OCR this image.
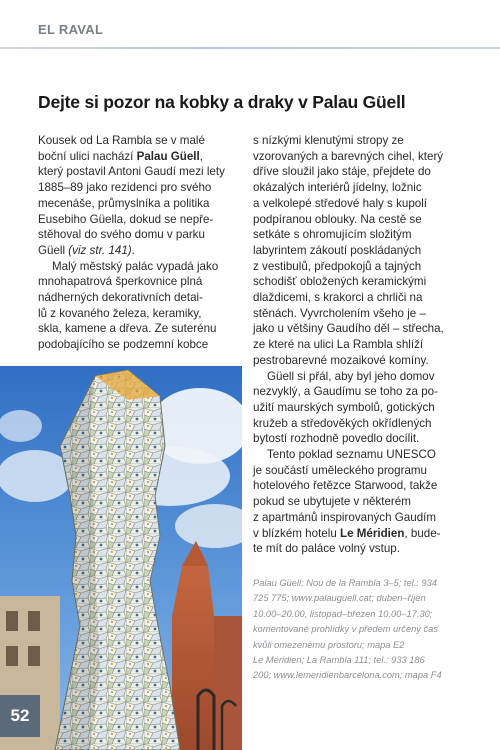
EL RAVAL
Dejte si pozor na kobky a draky v Palau Güell

Kousek od La Rambla se v malé

boční ulici nachází Palau Güell,

který postavil Antoni Gaudí mezi lety

1885–89 jako rezidenci pro svého

mecenáše, průmyslníka a politika

Eusebiho Güella, dokud se nepře-

stěhoval do svého domu v parku

Güell (viz str. 141).

Malý městský palác vypadá jako

mnohapatrová šperkovnice plná

nádherných dekorativních detai-

lů z kovaného železa, keramiky,

skla, kamene a dřeva. Ze suterénu

podobajícího se podzemní kobce

s nízkými klenutými stropy ze

vzorovaných a barevných cihel, který

dříve sloužil jako stáje, přejdete do

okázalých interiérů jídelny, ložnic

a velkolepé středové haly s kupolí

podpíranou oblouky. Na cestě se

setkáte s ohromujícím složitým

labyrintem zákoutí poskládaných

z vestibulů, předpokojů a tajných

schodišť obložených keramickými

dlaždicemi, s krakorci a chrliči na

stěnách. Vyvrcholením všeho je –

jako u většiny Gaudího děl – střecha,

ze které na ulici La Rambla shlíží

pestrobarevné mozaikové komíny.

Güell si přál, aby byl jeho domov

nezvyklý, a Gaudímu se toho za po-

užití maurských symbolů, gotických

kružeb a středověkých okřídlených

bytostí rozhodně povedlo docílit.

Tento poklad seznamu UNESCO

je součástí uměleckého programu

hotelového řetězce Starwood, takže

pokud se ubytujete v některém

z apartmánů inspirovaných Gaudím

v blízkém hotelu Le Méridien, bude-

te mít do paláce volný vstup.

Palau Güell; Nou de la Rambla 3–5; tel.: 934

725 775; www.palauguell.cat; duben–říjen

10.00–20.00, listopad–březen 10.00–17.30;

komentované prohlídky v předem určený čas

kvůli omezenému prostoru; mapa E2

Le Méridien; La Rambla 111; tel.: 933 186

200; www.lemeridienbarcelona.com; mapa F4

52
